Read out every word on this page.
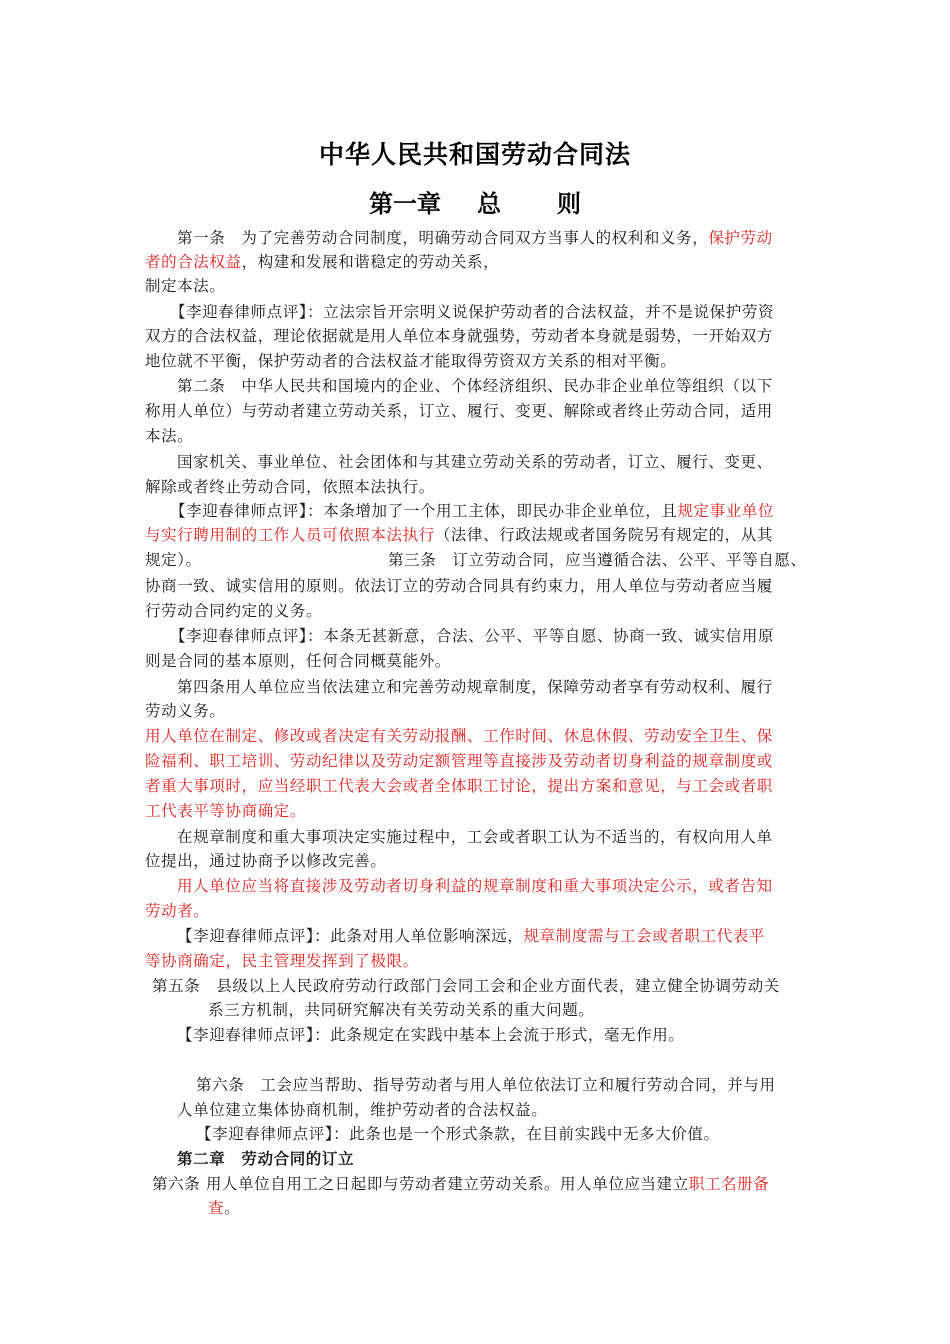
中华人民共和国劳动合同法
第一章 总 则
第一条　为了完善劳动合同制度，明确劳动合同双方当事人的权利和义务，保护劳动
者的合法权益，构建和发展和谐稳定的劳动关系，
制定本法。
【李迎春律师点评】：立法宗旨开宗明义说保护劳动者的合法权益，并不是说保护劳资
双方的合法权益，理论依据就是用人单位本身就强势，劳动者本身就是弱势，一开始双方
地位就不平衡，保护劳动者的合法权益才能取得劳资双方关系的相对平衡。
第二条　中华人民共和国境内的企业、个体经济组织、民办非企业单位等组织（以下
称用人单位）与劳动者建立劳动关系，订立、履行、变更、解除或者终止劳动合同，适用
本法。
国家机关、事业单位、社会团体和与其建立劳动关系的劳动者，订立、履行、变更、
解除或者终止劳动合同，依照本法执行。
【李迎春律师点评】：本条增加了一个用工主体，即民办非企业单位，且规定事业单位
与实行聘用制的工作人员可依照本法执行（法律、行政法规或者国务院另有规定的，从其
规定）。	第三条　订立劳动合同，应当遵循合法、公平、平等自愿、
协商一致、诚实信用的原则。依法订立的劳动合同具有约束力，用人单位与劳动者应当履
行劳动合同约定的义务。
【李迎春律师点评】：本条无甚新意，合法、公平、平等自愿、协商一致、诚实信用原
则是合同的基本原则，任何合同概莫能外。
第四条用人单位应当依法建立和完善劳动规章制度，保障劳动者享有劳动权利、履行
劳动义务。
用人单位在制定、修改或者决定有关劳动报酬、工作时间、休息休假、劳动安全卫生、保
险福利、职工培训、劳动纪律以及劳动定额管理等直接涉及劳动者切身利益的规章制度或
者重大事项时，应当经职工代表大会或者全体职工讨论，提出方案和意见，与工会或者职
工代表平等协商确定。
在规章制度和重大事项决定实施过程中，工会或者职工认为不适当的，有权向用人单
位提出，通过协商予以修改完善。
用人单位应当将直接涉及劳动者切身利益的规章制度和重大事项决定公示，或者告知
劳动者。
【李迎春律师点评】：此条对用人单位影响深远，规章制度需与工会或者职工代表平
等协商确定，民主管理发挥到了极限。
第五条　县级以上人民政府劳动行政部门会同工会和企业方面代表，建立健全协调劳动关
系三方机制，共同研究解决有关劳动关系的重大问题。
【李迎春律师点评】：此条规定在实践中基本上会流于形式，毫无作用。
第六条　工会应当帮助、指导劳动者与用人单位依法订立和履行劳动合同，并与用
人单位建立集体协商机制，维护劳动者的合法权益。
【李迎春律师点评】：此条也是一个形式条款，在目前实践中无多大价值。
第二章　劳动合同的订立
第六条 用人单位自用工之日起即与劳动者建立劳动关系。用人单位应当建立职工名册备
查。
